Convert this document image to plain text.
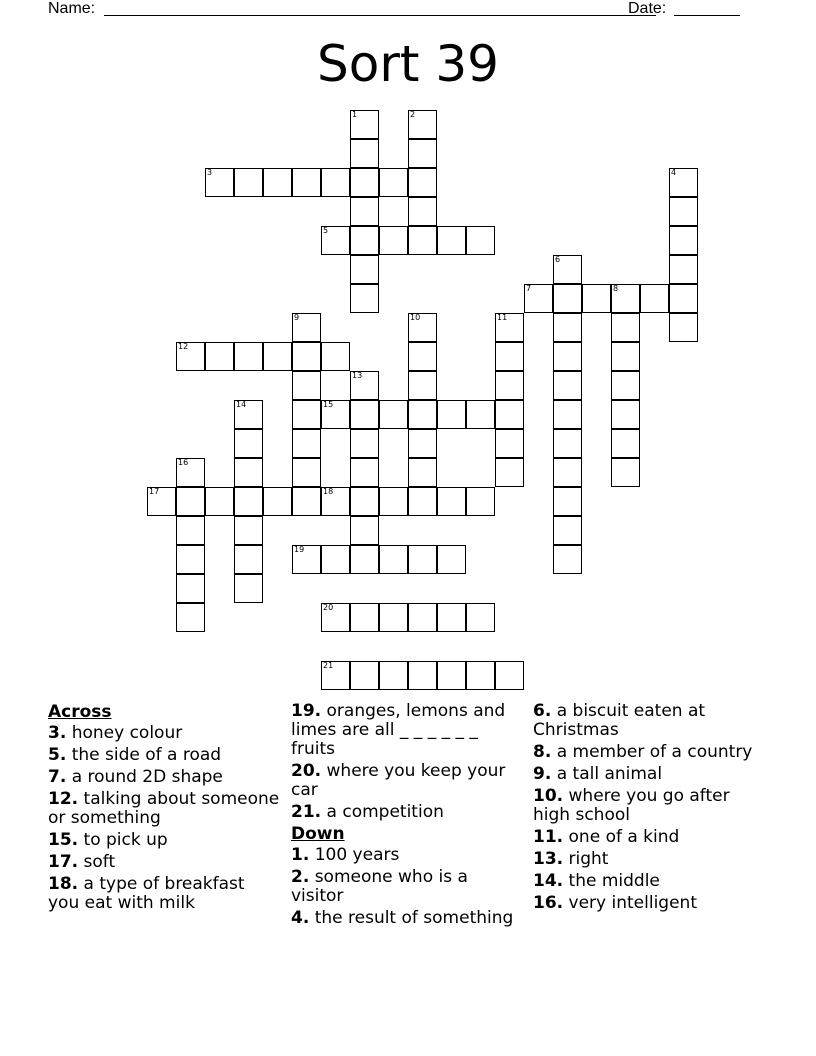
Name:	Date:
Sort 39
1	2
3	4
5
6
7	8
9	10	11
12
13
14	15
16
17	18
19
20
21
Across
3. honey colour
5. the side of a road
7. a round 2D shape
12. talking about someone or something
15. to pick up
17. soft
18. a type of breakfast you eat with milk
19. oranges, lemons and limes are all _ _ _ _ _ _ fruits
20. where you keep your car
21. a competition
Down
1. 100 years
2. someone who is a visitor
4. the result of something
6. a biscuit eaten at Christmas
8. a member of a country
9. a tall animal
10. where you go after high school
11. one of a kind
13. right
14. the middle
16. very intelligent
